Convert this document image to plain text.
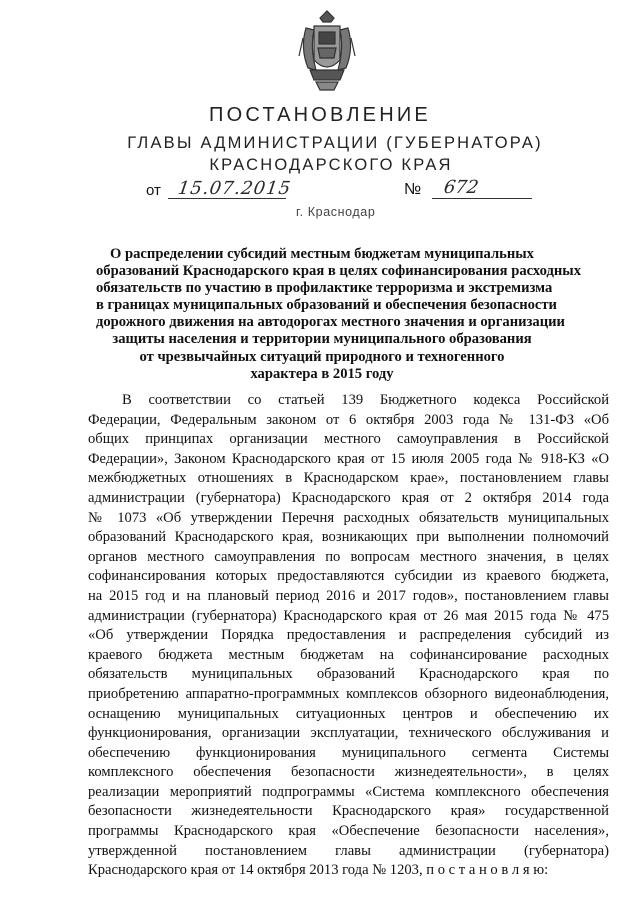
ПОСТАНОВЛЕНИЕ
ГЛАВЫ АДМИНИСТРАЦИИ (ГУБЕРНАТОРА)
КРАСНОДАРСКОГО КРАЯ
от 15.07.2015	№ 672
г. Краснодар
О распределении субсидий местным бюджетам муниципальных
образований Краснодарского края в целях софинансирования расходных
обязательств по участию в профилактике терроризма и экстремизма
в границах муниципальных образований и обеспечения безопасности
дорожного движения на автодорогах местного значения и организации
защиты населения и территории муниципального образования
от чрезвычайных ситуаций природного и техногенного
характера в 2015 году
В соответствии со статьей 139 Бюджетного кодекса Российской
Федерации, Федеральным законом от 6 октября 2003 года № 131-ФЗ «Об
общих принципах организации местного самоуправления в Российской
Федерации», Законом Краснодарского края от 15 июля 2005 года № 918-КЗ «О
межбюджетных отношениях в Краснодарском крае», постановлением главы
администрации (губернатора) Краснодарского края от 2 октября 2014 года
№ 1073 «Об утверждении Перечня расходных обязательств муниципальных
образований Краснодарского края, возникающих при выполнении полномочий
органов местного самоуправления по вопросам местного значения, в целях
софинансирования которых предоставляются субсидии из краевого бюджета,
на 2015 год и на плановый период 2016 и 2017 годов», постановлением главы
администрации (губернатора) Краснодарского края от 26 мая 2015 года № 475
«Об утверждении Порядка предоставления и распределения субсидий из
краевого бюджета местным бюджетам на софинансирование расходных
обязательств муниципальных образований Краснодарского края по
приобретению аппаратно-программных комплексов обзорного видеонаблюдения,
оснащению муниципальных ситуационных центров и обеспечению их
функционирования, организации эксплуатации, технического обслуживания и
обеспечению функционирования муниципального сегмента Системы
комплексного обеспечения безопасности жизнедеятельности», в целях
реализации мероприятий подпрограммы «Система комплексного обеспечения
безопасности жизнедеятельности Краснодарского края» государственной
программы Краснодарского края «Обеспечение безопасности населения»,
утвержденной постановлением главы администрации (губернатора)
Краснодарского края от 14 октября 2013 года № 1203, п о с т а н о в л я ю:
